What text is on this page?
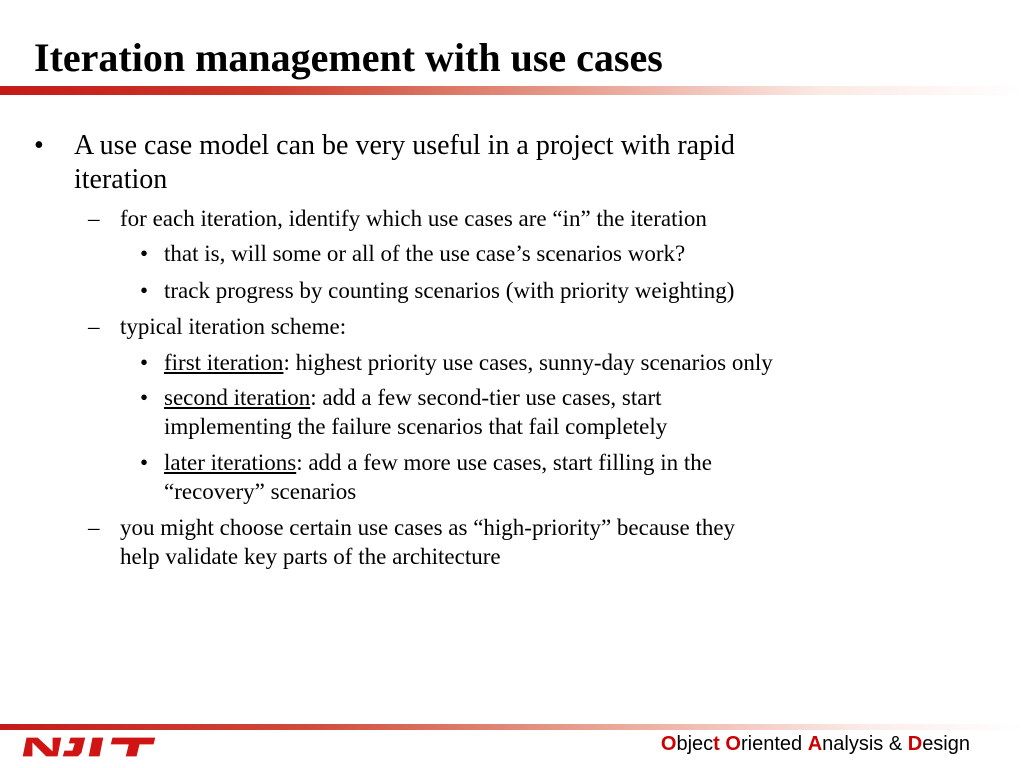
Iteration management with use cases
• A use case model can be very useful in a project with rapid
iteration
– for each iteration, identify which use cases are “in” the iteration
• that is, will some or all of the use case’s scenarios work?
• track progress by counting scenarios (with priority weighting)
– typical iteration scheme:
• first iteration: highest priority use cases, sunny-day scenarios only
• second iteration: add a few second-tier use cases, start
implementing the failure scenarios that fail completely
• later iterations: add a few more use cases, start filling in the
“recovery” scenarios
– you might choose certain use cases as “high-priority” because they
help validate key parts of the architecture
Object Oriented Analysis & Design
